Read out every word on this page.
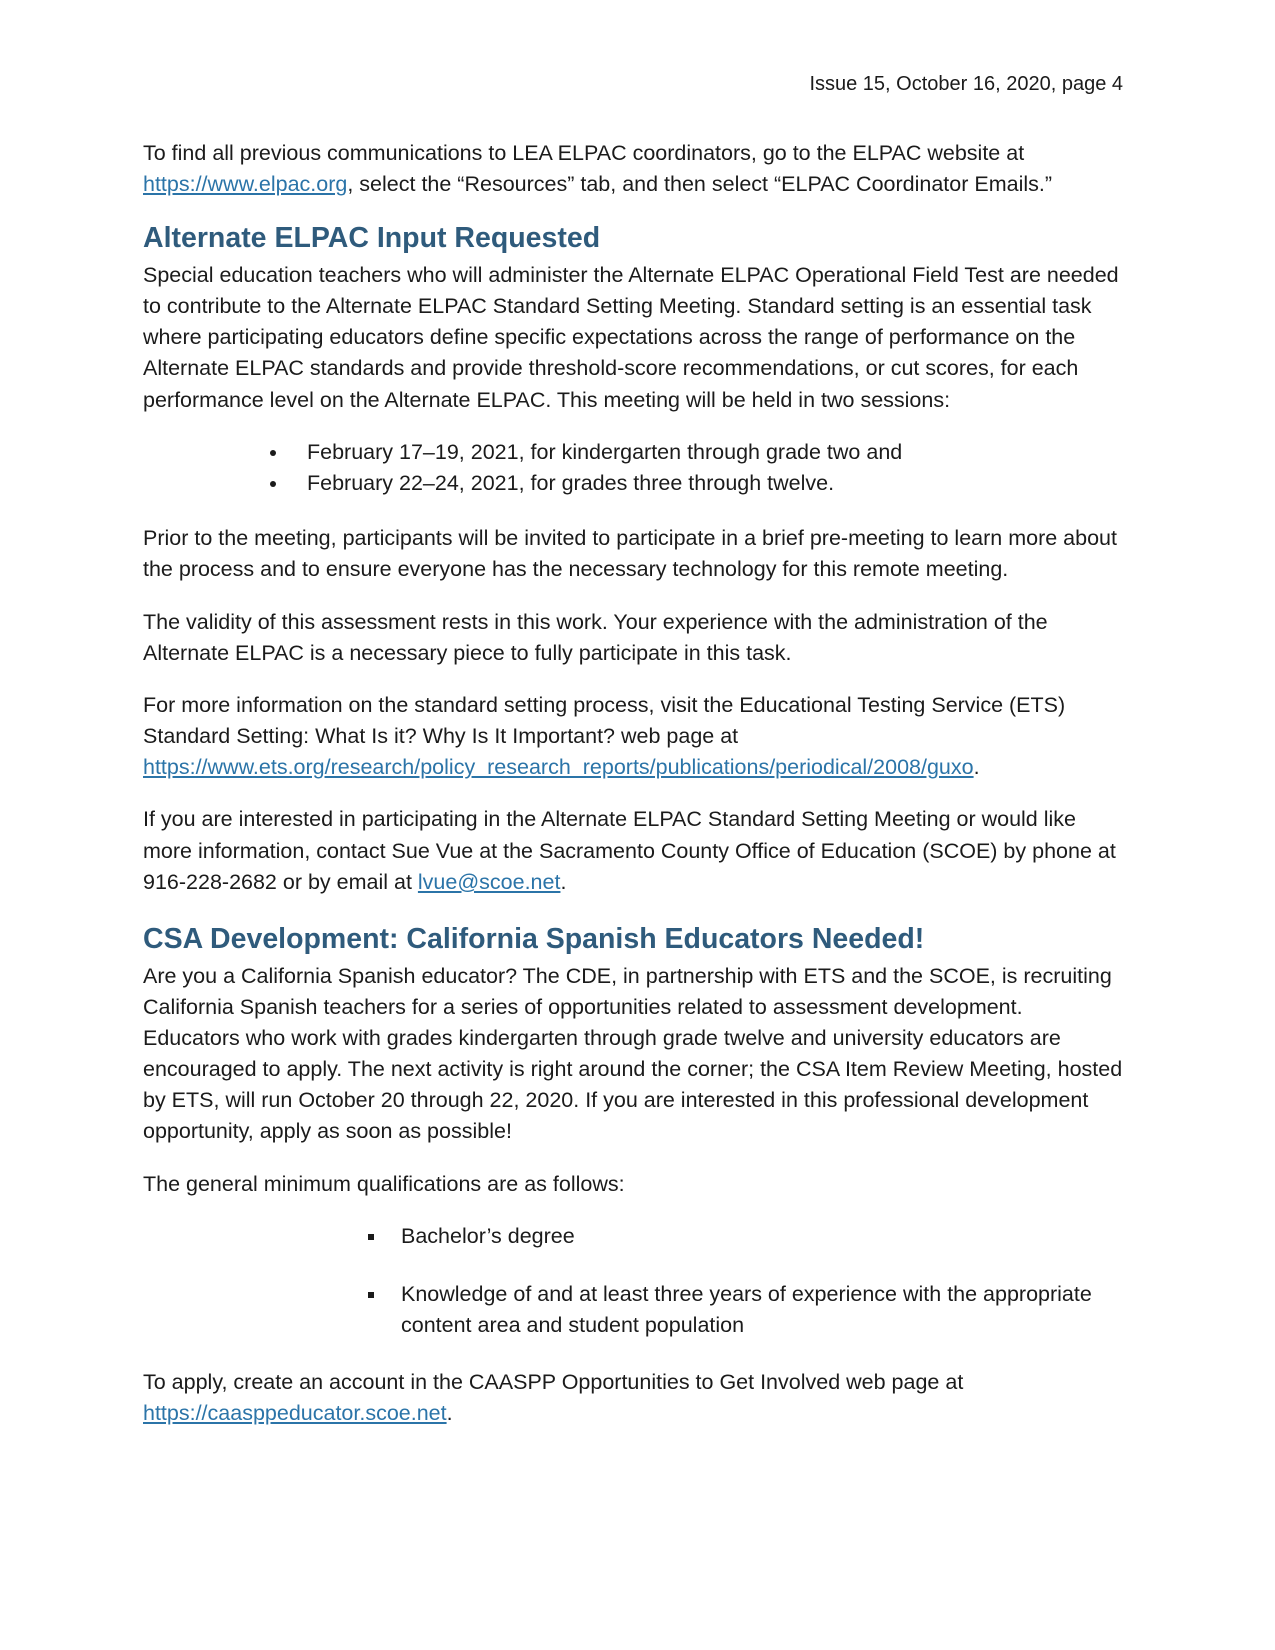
Issue 15, October 16, 2020, page 4

To find all previous communications to LEA ELPAC coordinators, go to the ELPAC website at https://www.elpac.org, select the “Resources” tab, and then select “ELPAC Coordinator Emails.”

Alternate ELPAC Input Requested

Special education teachers who will administer the Alternate ELPAC Operational Field Test are needed to contribute to the Alternate ELPAC Standard Setting Meeting. Standard setting is an essential task where participating educators define specific expectations across the range of performance on the Alternate ELPAC standards and provide threshold-score recommendations, or cut scores, for each performance level on the Alternate ELPAC. This meeting will be held in two sessions:

• February 17–19, 2021, for kindergarten through grade two and
• February 22–24, 2021, for grades three through twelve.

Prior to the meeting, participants will be invited to participate in a brief pre-meeting to learn more about the process and to ensure everyone has the necessary technology for this remote meeting.

The validity of this assessment rests in this work. Your experience with the administration of the Alternate ELPAC is a necessary piece to fully participate in this task.

For more information on the standard setting process, visit the Educational Testing Service (ETS) Standard Setting: What Is it? Why Is It Important? web page at https://www.ets.org/research/policy_research_reports/publications/periodical/2008/guxo.

If you are interested in participating in the Alternate ELPAC Standard Setting Meeting or would like more information, contact Sue Vue at the Sacramento County Office of Education (SCOE) by phone at 916-228-2682 or by email at lvue@scoe.net.

CSA Development: California Spanish Educators Needed!

Are you a California Spanish educator? The CDE, in partnership with ETS and the SCOE, is recruiting California Spanish teachers for a series of opportunities related to assessment development. Educators who work with grades kindergarten through grade twelve and university educators are encouraged to apply. The next activity is right around the corner; the CSA Item Review Meeting, hosted by ETS, will run October 20 through 22, 2020. If you are interested in this professional development opportunity, apply as soon as possible!

The general minimum qualifications are as follows:

▪ Bachelor’s degree
▪ Knowledge of and at least three years of experience with the appropriate content area and student population

To apply, create an account in the CAASPP Opportunities to Get Involved web page at https://caasppeducator.scoe.net.
